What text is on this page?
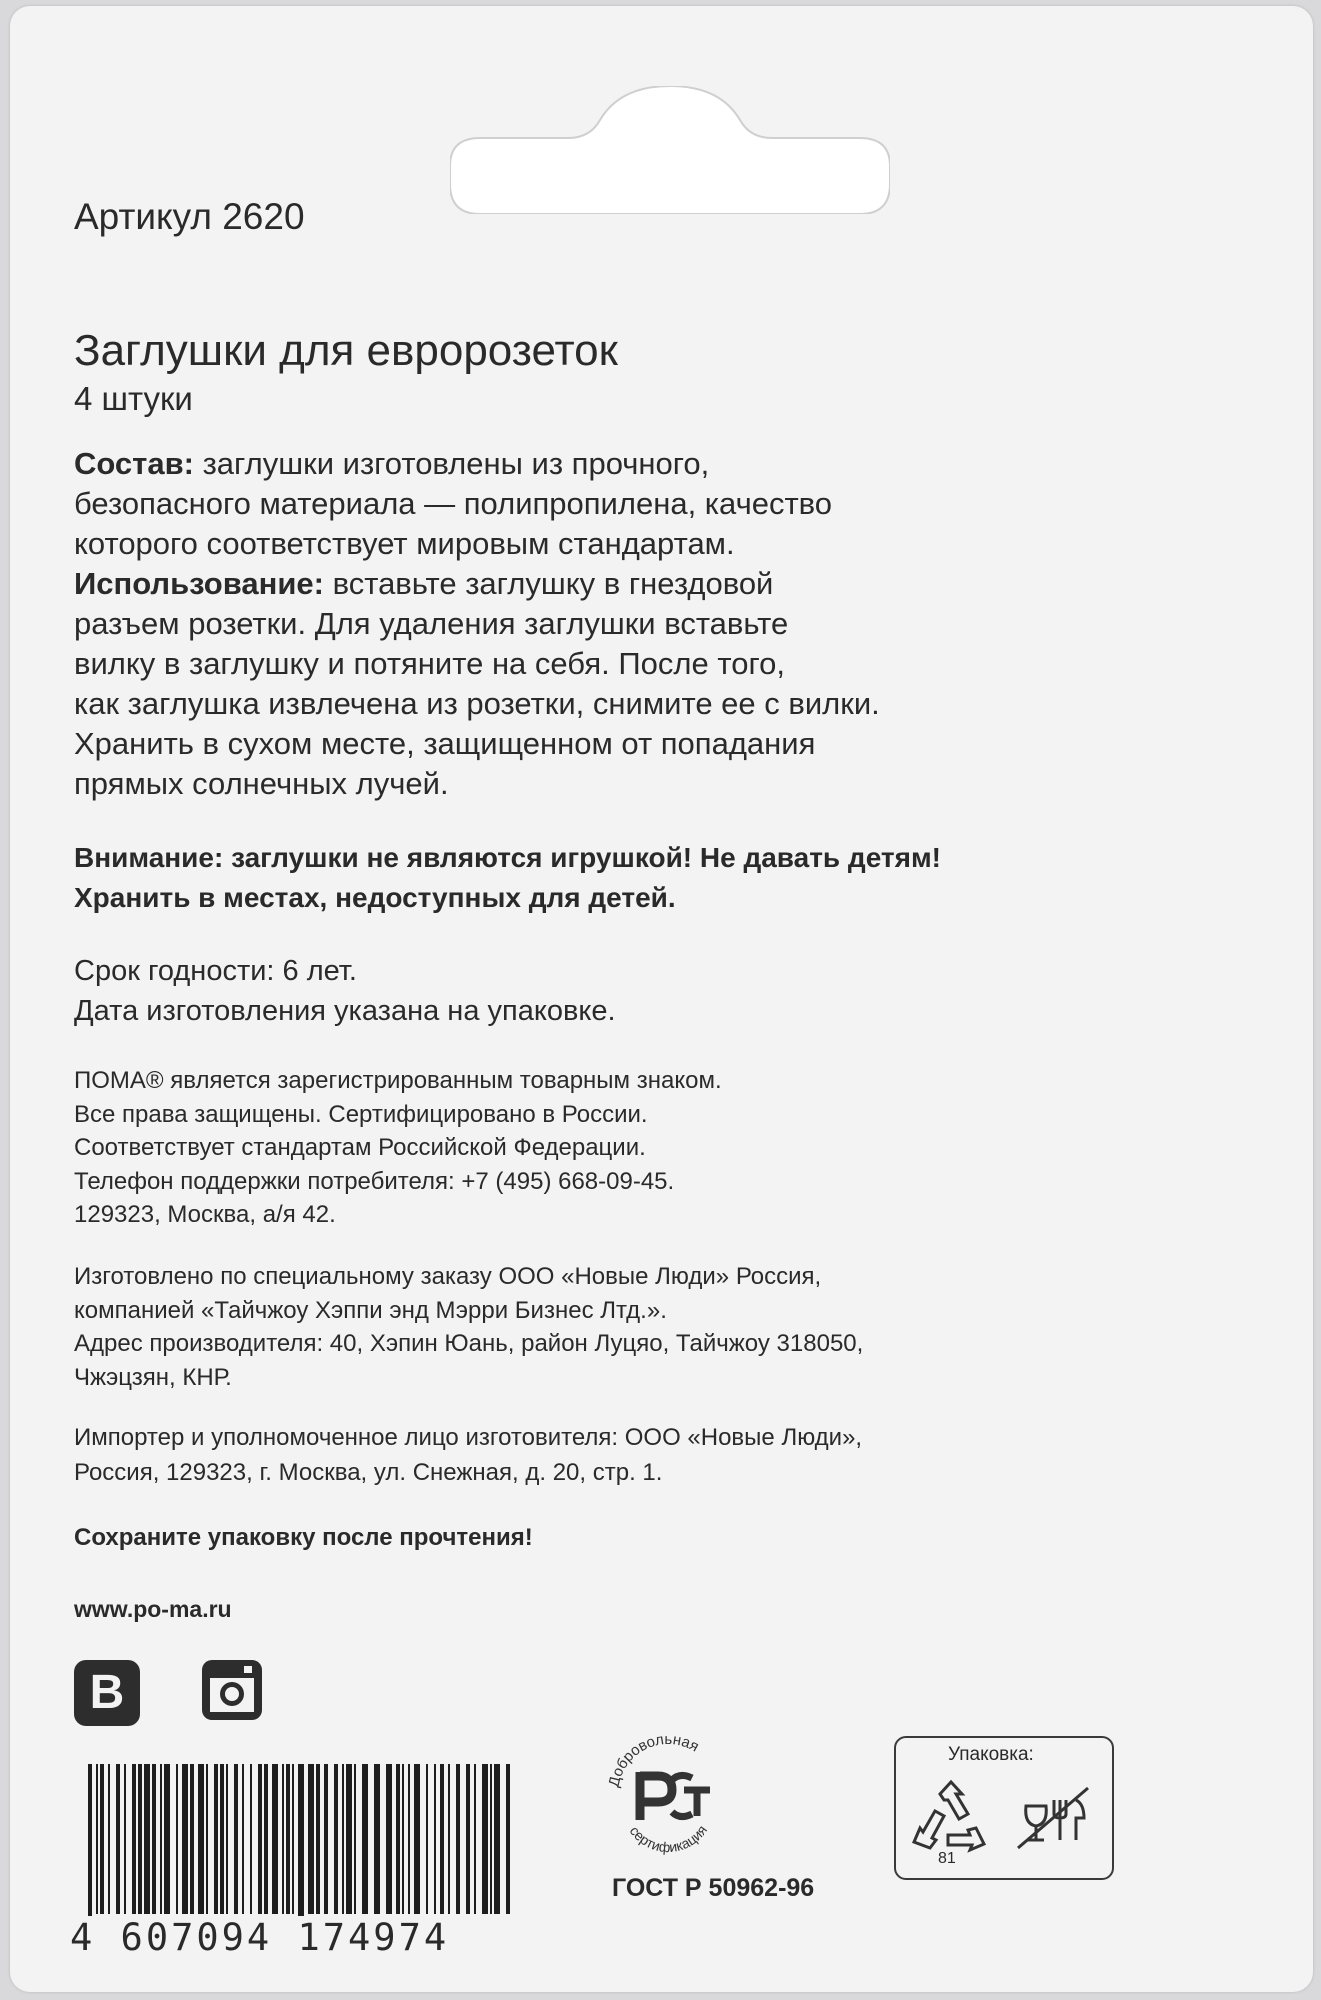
Артикул 2620
Заглушки для евророзеток
4 штуки

Состав: заглушки изготовлены из прочного,

безопасного материала — полипропилена, качество

которого соответствует мировым стандартам.

Использование: вставьте заглушку в гнездовой

разъем розетки. Для удаления заглушки вставьте

вилку в заглушку и потяните на себя. После того,

как заглушка извлечена из розетки, снимите ее с вилки.

Хранить в сухом месте, защищенном от попадания

прямых солнечных лучей.

Внимание: заглушки не являются игрушкой! Не давать детям!
Хранить в местах, недоступных для детей.
Срок годности: 6 лет.
Дата изготовления указана на упаковке.
ПОМА® является зарегистрированным товарным знаком.
Все права защищены. Сертифицировано в России.
Соответствует стандартам Российской Федерации.
Телефон поддержки потребителя: +7 (495) 668-09-45.
129323, Москва, а/я 42.
Изготовлено по специальному заказу ООО «Новые Люди» Россия,
компанией «Тайчжоу Хэппи энд Мэрри Бизнес Лтд.».
Адрес производителя: 40, Хэпин Юань, район Луцяо, Тайчжоу 318050,
Чжэцзян, КНР.
Импортер и уполномоченное лицо изготовителя: ООО «Новые Люди»,
Россия, 129323, г. Москва, ул. Снежная, д. 20, стр. 1.
Сохраните упаковку после прочтения!
www.po-ma.ru
В
4 607094 174974
Добровольная
сертификация
ГОСТ Р 50962-96
Упаковка:
81
